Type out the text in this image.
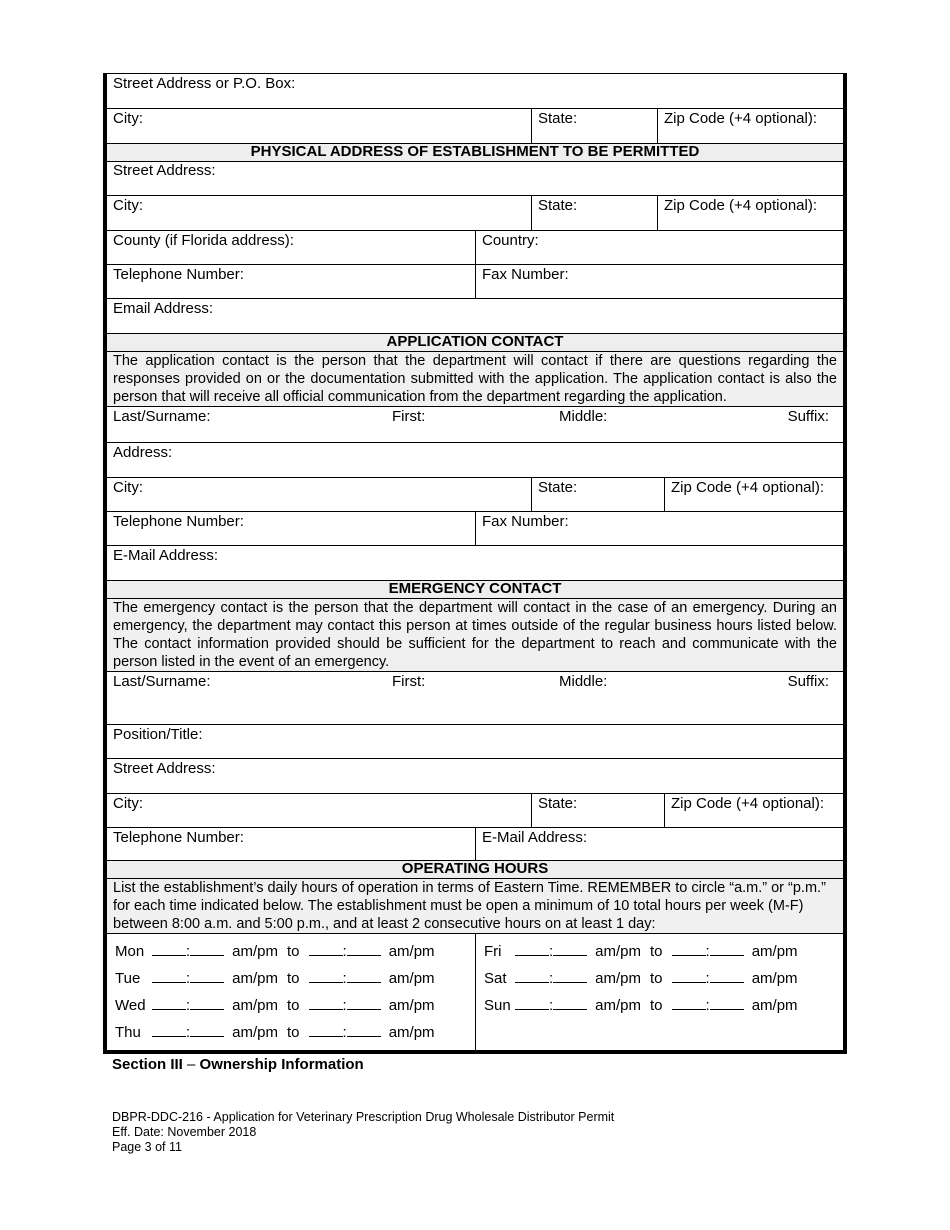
Street Address or P.O. Box:
City:	State:	Zip Code (+4 optional):
PHYSICAL ADDRESS OF ESTABLISHMENT TO BE PERMITTED
Street Address:
City:	State:	Zip Code (+4 optional):
County (if Florida address):	Country:
Telephone Number:	Fax Number:
Email Address:
APPLICATION CONTACT
The application contact is the person that the department will contact if there are questions regarding the responses provided on or the documentation submitted with the application. The application contact is also the person that will receive all official communication from the department regarding the application.
Last/Surname:	First:	Middle:	Suffix:
Address:
City:	State:	Zip Code (+4 optional):
Telephone Number:	Fax Number:
E-Mail Address:
EMERGENCY CONTACT
The emergency contact is the person that the department will contact in the case of an emergency. During an emergency, the department may contact this person at times outside of the regular business hours listed below. The contact information provided should be sufficient for the department to reach and communicate with the person listed in the event of an emergency.
Last/Surname:	First:	Middle:	Suffix:
Position/Title:
Street Address:
City:	State:	Zip Code (+4 optional):
Telephone Number:	E-Mail Address:
OPERATING HOURS
List the establishment’s daily hours of operation in terms of Eastern Time. REMEMBER to circle “a.m.” or “p.m.” for each time indicated below. The establishment must be open a minimum of 10 total hours per week (M-F) between 8:00 a.m. and 5:00 p.m., and at least 2 consecutive hours on at least 1 day:
Mon	:	am/pm to	:	am/pm
Tue	:	am/pm to	:	am/pm
Wed	:	am/pm to	:	am/pm
Thu	:	am/pm to	:	am/pm
Fri	:	am/pm to	:	am/pm
Sat	:	am/pm to	:	am/pm
Sun	:	am/pm to	:	am/pm
Section III – Ownership Information
DBPR-DDC-216 - Application for Veterinary Prescription Drug Wholesale Distributor Permit
Eff. Date: November 2018
Page 3 of 11
